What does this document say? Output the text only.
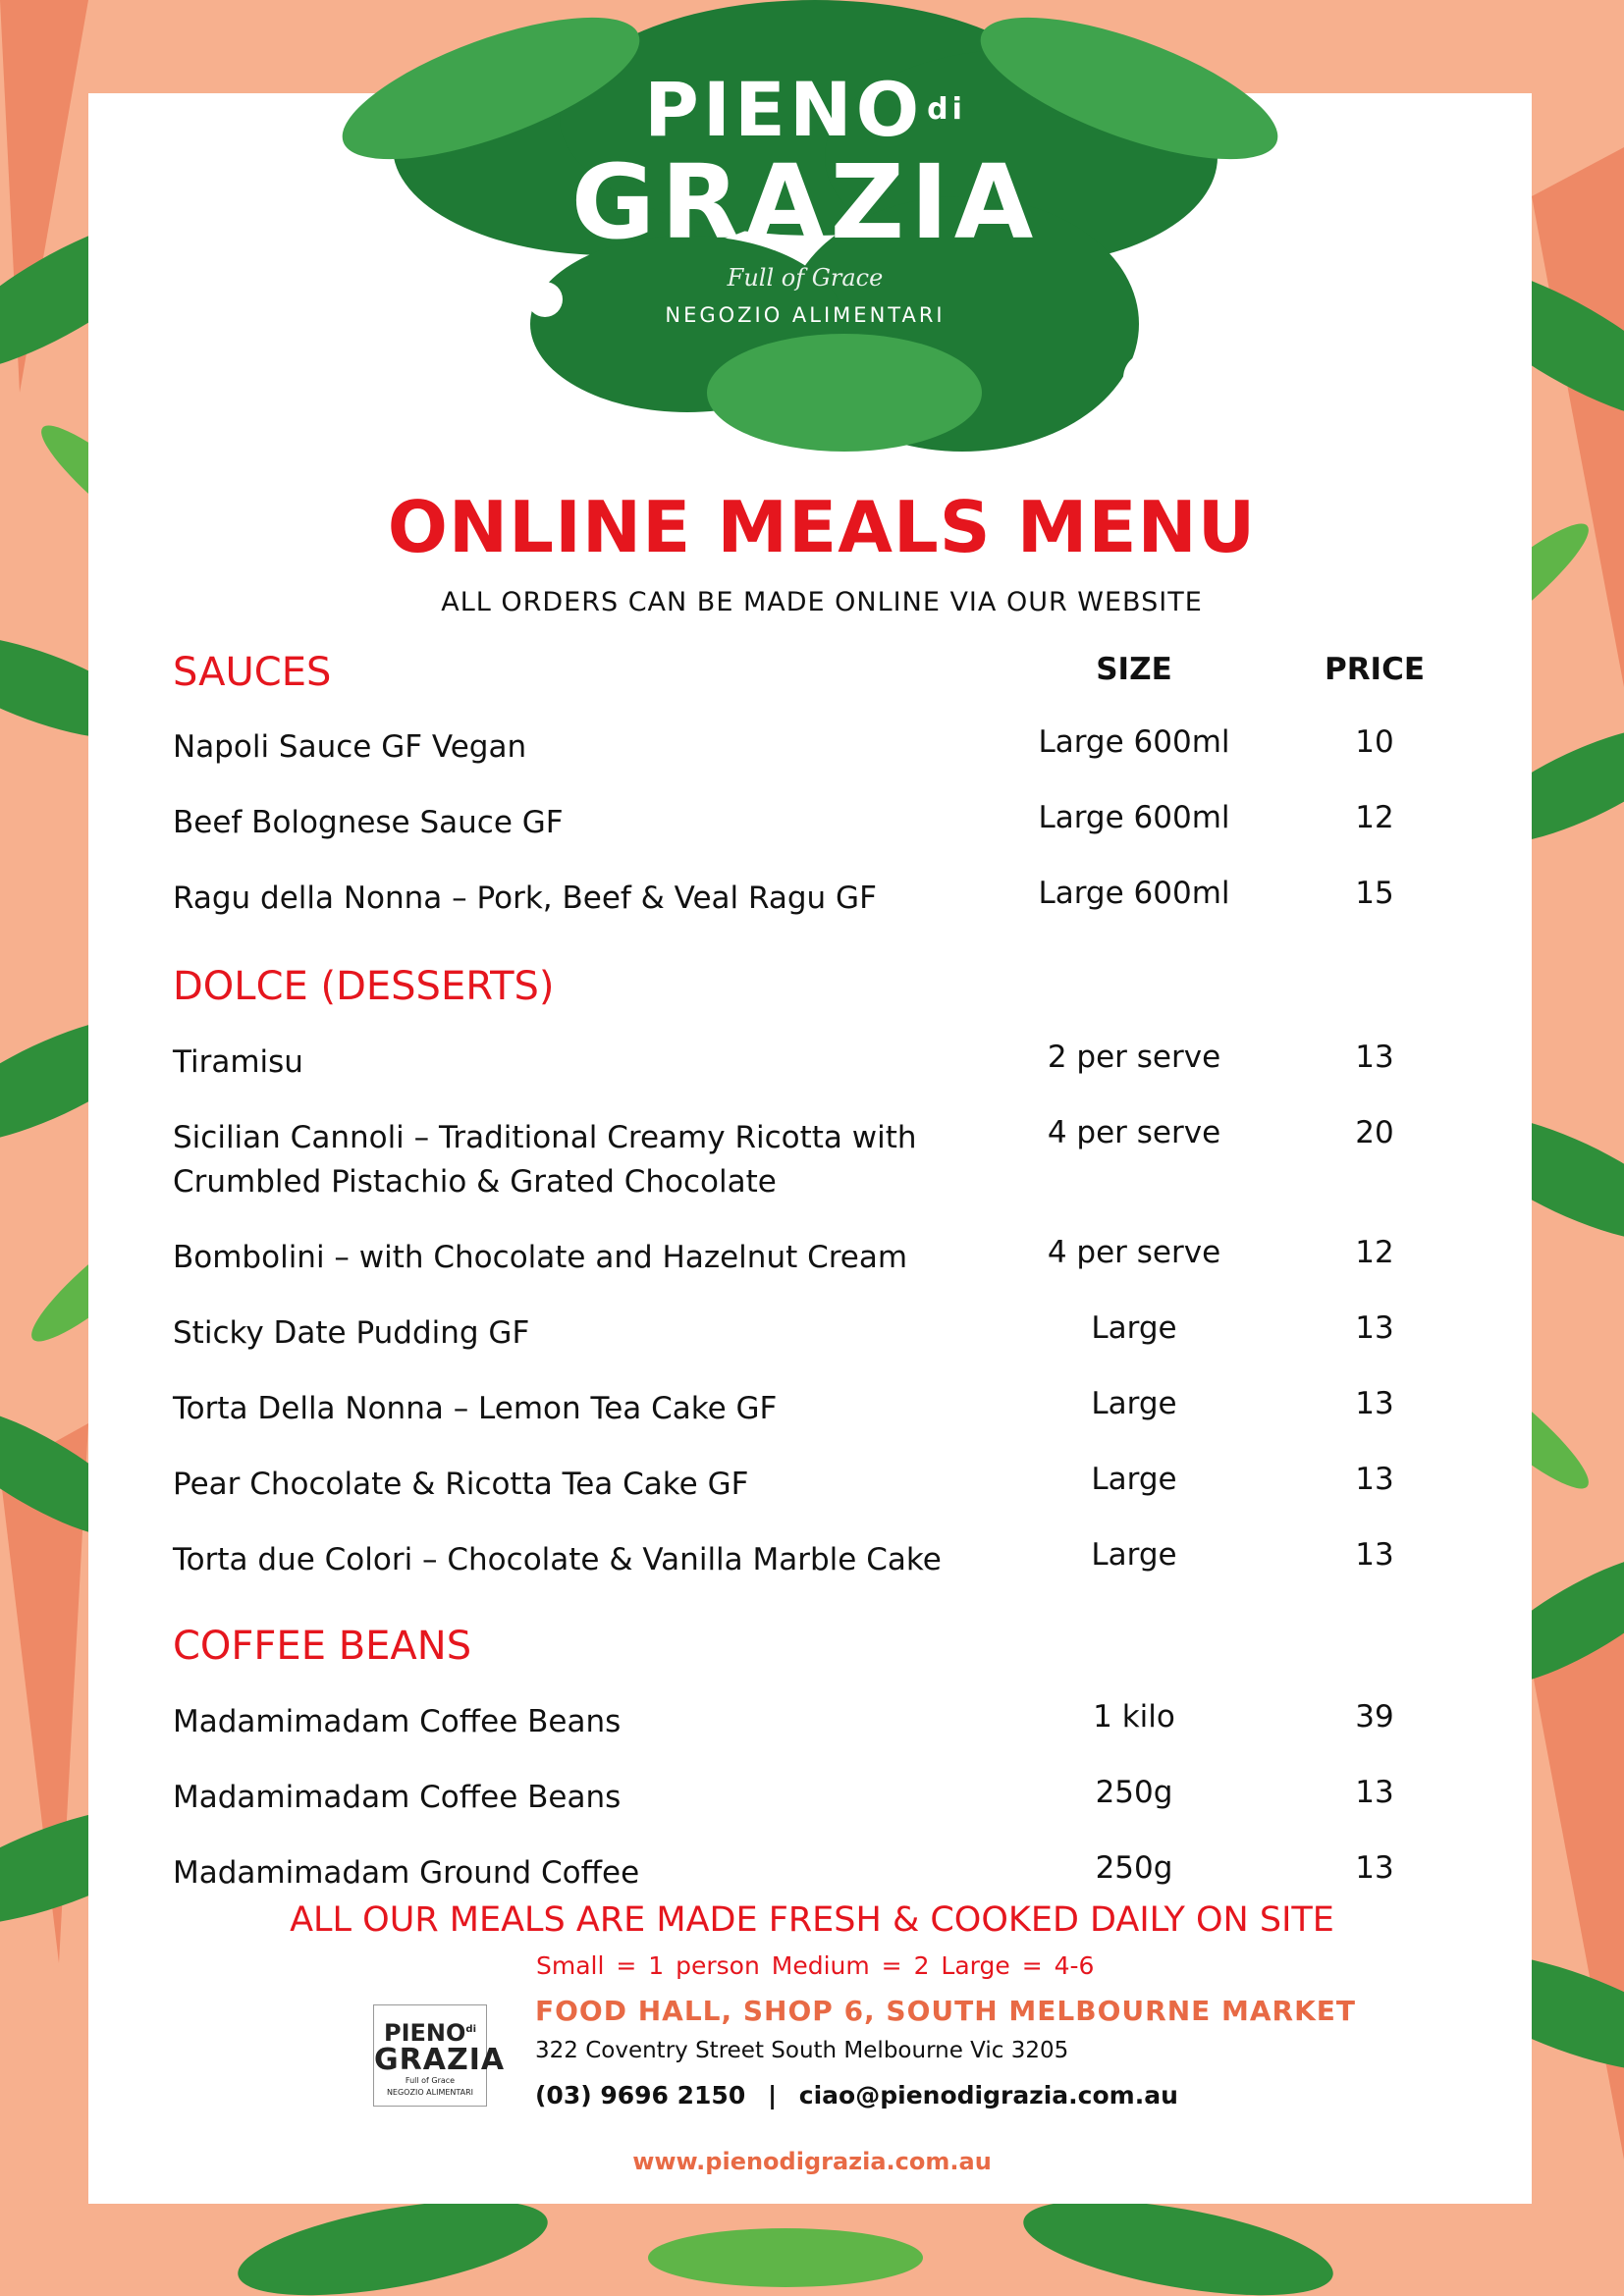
PIENO $^{di}$
GRAZIA
Full of Grace
NEGOZIO ALIMENTARI
ONLINE MEALS MENU
ALL ORDERS CAN BE MADE ONLINE VIA OUR WEBSITE
SIZE	PRICE
SAUCES
Napoli Sauce GF Vegan	Large 600ml	10
Beef Bolognese Sauce GF	Large 600ml	12
Ragu della Nonna – Pork, Beef & Veal Ragu GF	Large 600ml	15
DOLCE (DESSERTS)
Tiramisu	2 per serve	13
Sicilian Cannoli – Traditional Creamy Ricotta with
Crumbled Pistachio & Grated Chocolate
4 per serve	20
Bombolini – with Chocolate and Hazelnut Cream	4 per serve	12
Sticky Date Pudding GF	Large	13
Torta Della Nonna – Lemon Tea Cake GF	Large	13
Pear Chocolate & Ricotta Tea Cake GF	Large	13
Torta due Colori – Chocolate & Vanilla Marble Cake	Large	13
COFFEE BEANS
Madamimadam Coffee Beans	1 kilo	39
Madamimadam Coffee Beans	250g	13
Madamimadam Ground Coffee	250g	13
ALL OUR MEALS ARE MADE FRESH & COOKED DAILY ON SITE
Small = 1 person Medium = 2 Large = 4-6
$PIENO^{di}$
GRAZIA
Full of Grace
NEGOZIO ALIMENTARI
FOOD HALL, SHOP 6, SOUTH MELBOURNE MARKET
322 Coventry Street South Melbourne Vic 3205
(03) 9696 2150 | ciao@pienodigrazia.com.au
www.pienodigrazia.com.au
